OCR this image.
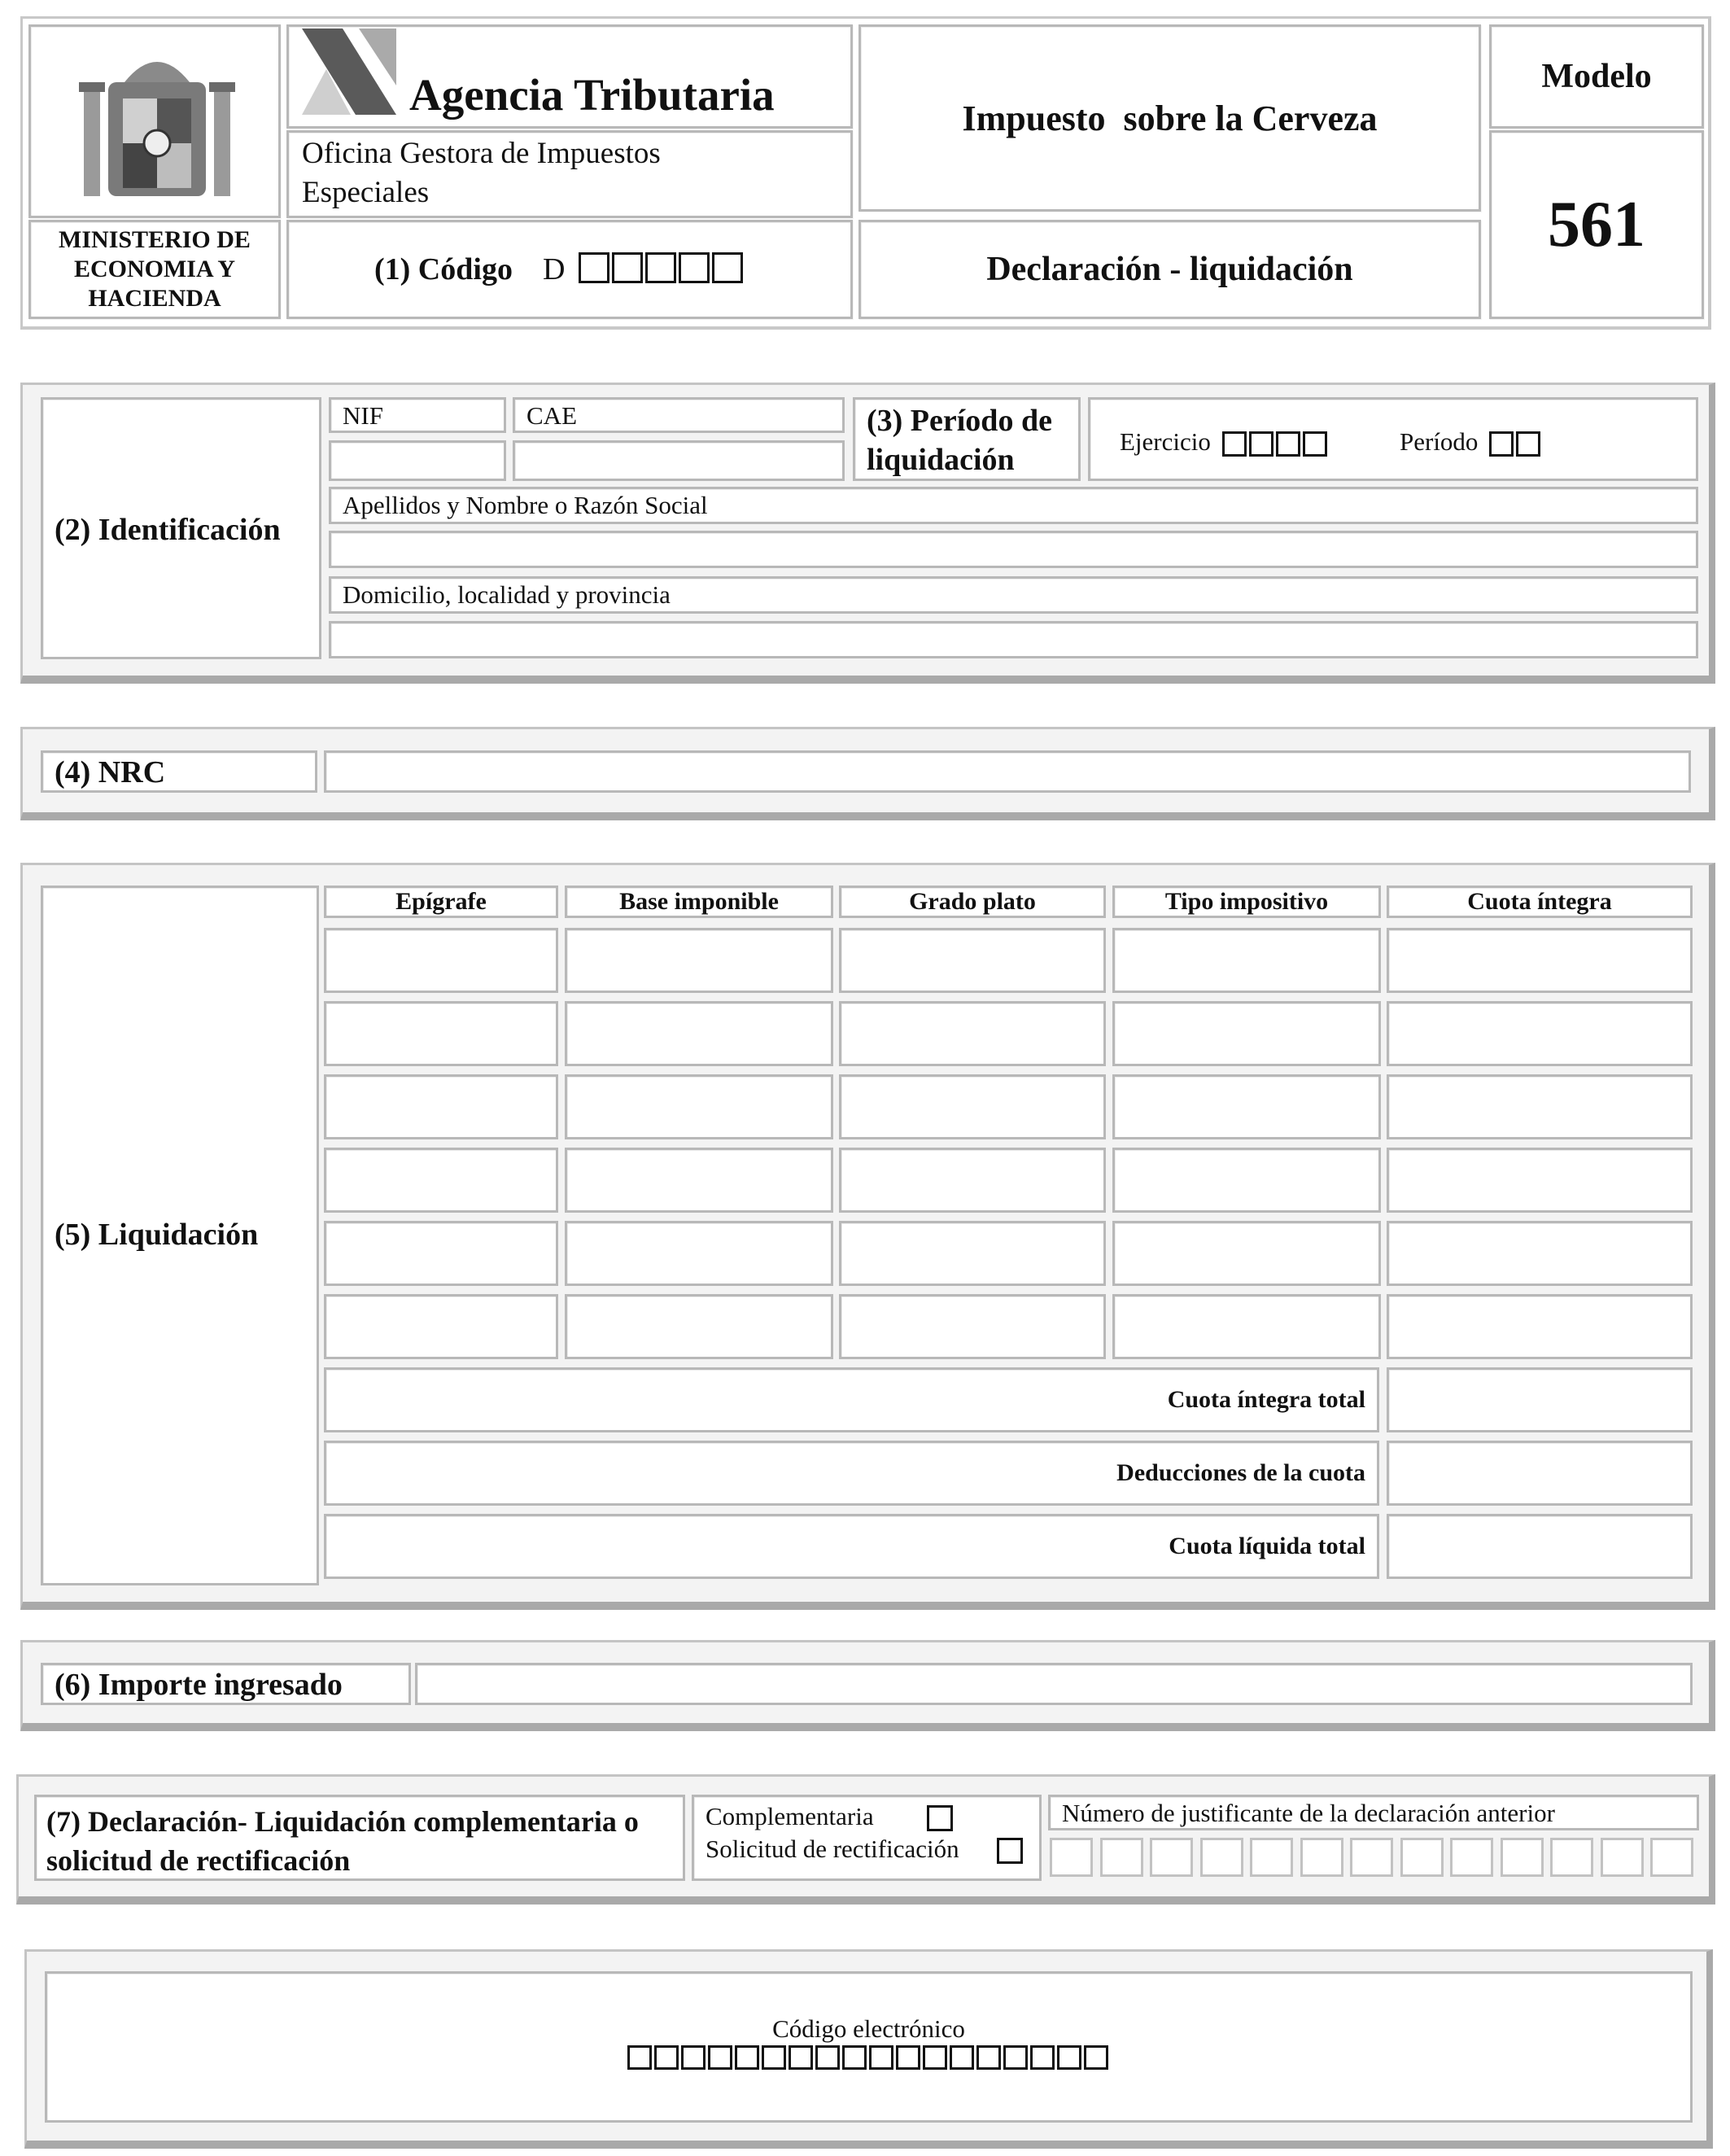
MINISTERIO DE ECONOMIA Y HACIENDA
Agencia Tributaria
Oficina Gestora de Impuestos Especiales
(1) Código D
Impuesto  sobre la Cerveza
Declaración - liquidación
Modelo
561
(2) Identificación
NIF	CAE	(3) Período de liquidación
Ejercicio	Período
Apellidos y Nombre o Razón Social
Domicilio, localidad y provincia
(4) NRC
(5) Liquidación
Epígrafe	Base imponible	Grado plato	Tipo impositivo	Cuota íntegra
Cuota íntegra total
Deducciones de la cuota
Cuota líquida total
(6) Importe ingresado
(7) Declaración- Liquidación complementaria o solicitud de rectificación
Complementaria
Solicitud de rectificación
Número de justificante de la declaración anterior
Código electrónico
